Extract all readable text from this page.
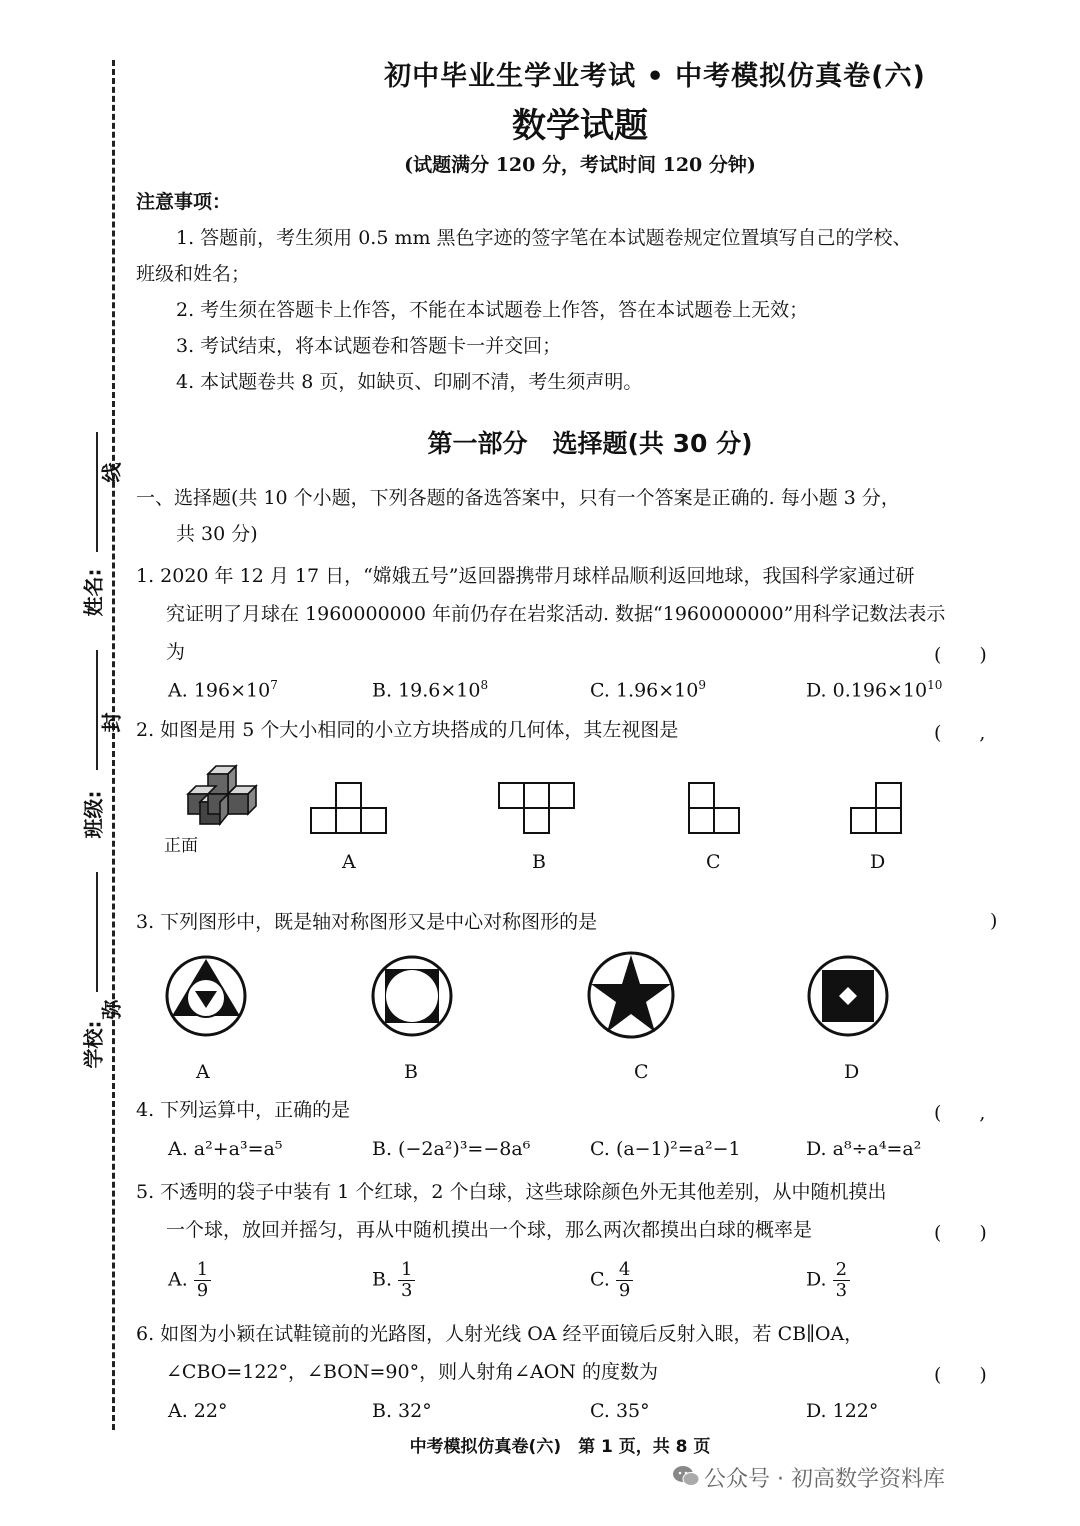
线
封
弥
姓名:
班级:
学校:
初中毕业生学业考试 • 中考模拟仿真卷(六)
数学试题
(试题满分 120 分，考试时间 120 分钟)
注意事项：
1. 答题前，考生须用 0.5 mm 黑色字迹的签字笔在本试题卷规定位置填写自己的学校、
班级和姓名；
2. 考生须在答题卡上作答，不能在本试题卷上作答，答在本试题卷上无效；
3. 考试结束，将本试题卷和答题卡一并交回；
4. 本试题卷共 8 页，如缺页、印刷不清，考生须声明。
第一部分　选择题(共 30 分)
一、选择题(共 10 个小题，下列各题的备选答案中，只有一个答案是正确的. 每小题 3 分，
共 30 分)
1. 2020 年 12 月 17 日，“嫦娥五号”返回器携带月球样品顺利返回地球，我国科学家通过研
究证明了月球在 1960000000 年前仍存在岩浆活动. 数据“1960000000”用科学记数法表示
为	(　　)
A. $196\times 10^7$	B. $19.6\times 10^8$	C. $1.96\times 10^9$	D. $0.196\times 10^{10}$
2. 如图是用 5 个大小相同的小立方块搭成的几何体，其左视图是	(　　,
正面
A	B	C	D
3. 下列图形中，既是轴对称图形又是中心对称图形的是	)
A	B	C	D
4. 下列运算中，正确的是	(　　,
A. a²+a³=a⁵	B. (−2a²)³=−8a⁶	C. (a−1)²=a²−1	D. a⁸÷a⁴=a²
5. 不透明的袋子中装有 1 个红球，2 个白球，这些球除颜色外无其他差别，从中随机摸出
一个球，放回并摇匀，再从中随机摸出一个球，那么两次都摸出白球的概率是	(　　)
A. $\frac{1}{9}$	B. $\frac{1}{3}$	C. $\frac{4}{9}$	D. $\frac{2}{3}$
6. 如图为小颖在试鞋镜前的光路图，人射光线 OA 经平面镜后反射入眼，若 CB∥OA，
∠CBO=122°，∠BON=90°，则人射角∠AON 的度数为	(　　)
A. 22°	B. 32°	C. 35°	D. 122°
中考模拟仿真卷(六)　第 1 页，共 8 页
公众号 · 初高数学资料库
